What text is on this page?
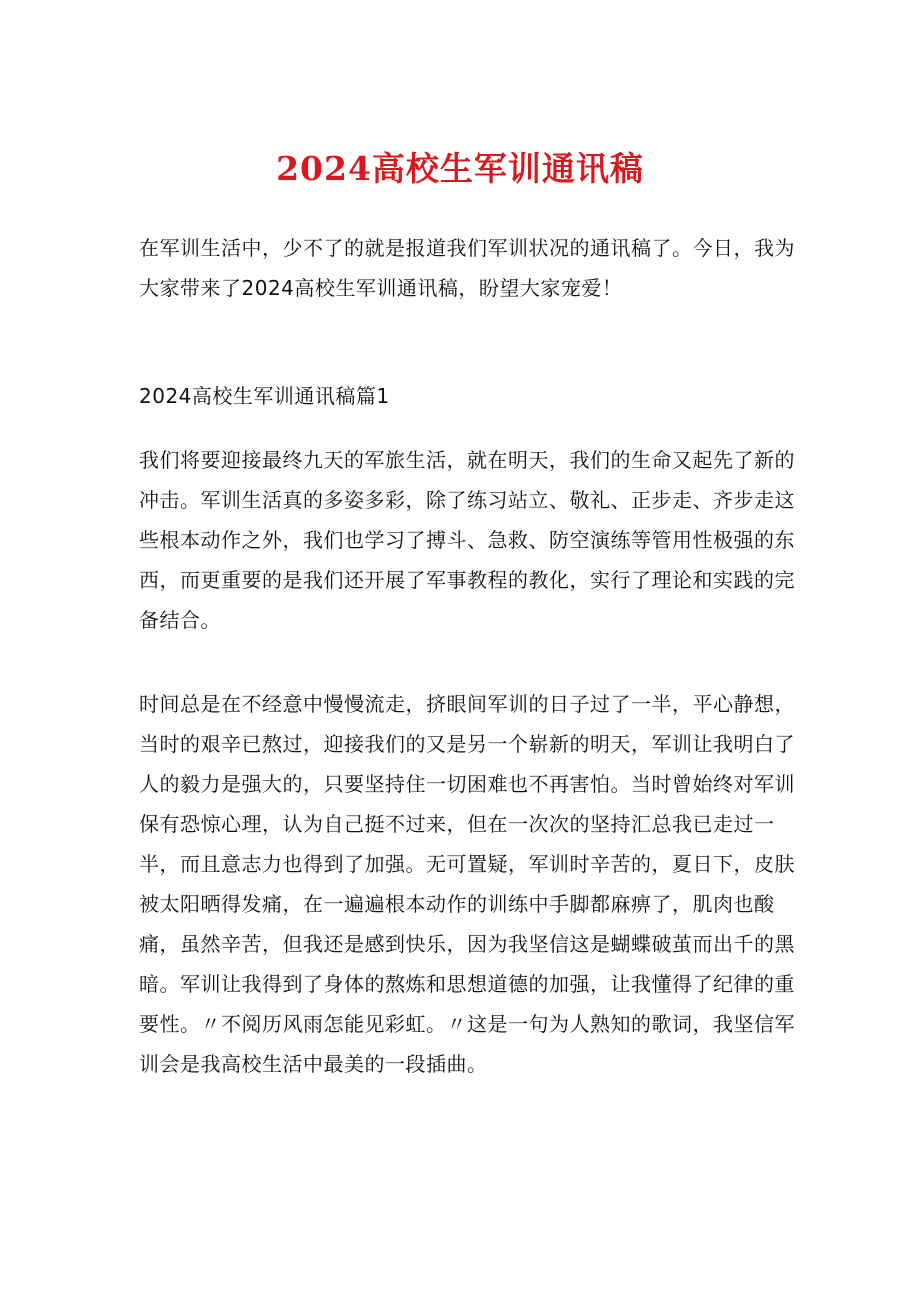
2024高校生军训通讯稿

在军训生活中，少不了的就是报道我们军训状况的通讯稿了。今日，我为大家带来了2024高校生军训通讯稿，盼望大家宠爱！

2024高校生军训通讯稿篇1

我们将要迎接最终九天的军旅生活，就在明天，我们的生命又起先了新的冲击。军训生活真的多姿多彩，除了练习站立、敬礼、正步走、齐步走这些根本动作之外，我们也学习了搏斗、急救、防空演练等管用性极强的东西，而更重要的是我们还开展了军事教程的教化，实行了理论和实践的完备结合。

时间总是在不经意中慢慢流走，挤眼间军训的日子过了一半，平心静想，当时的艰辛已熬过，迎接我们的又是另一个崭新的明天，军训让我明白了人的毅力是强大的，只要坚持住一切困难也不再害怕。当时曾始终对军训保有恐惊心理，认为自己挺不过来，但在一次次的坚持汇总我已走过一半，而且意志力也得到了加强。无可置疑，军训时辛苦的，夏日下，皮肤被太阳晒得发痛，在一遍遍根本动作的训练中手脚都麻痹了，肌肉也酸痛，虽然辛苦，但我还是感到快乐，因为我坚信这是蝴蝶破茧而出千的黑暗。军训让我得到了身体的熬炼和思想道德的加强，让我懂得了纪律的重要性。〃不阅历风雨怎能见彩虹。〃这是一句为人熟知的歌词，我坚信军训会是我高校生活中最美的一段插曲。
